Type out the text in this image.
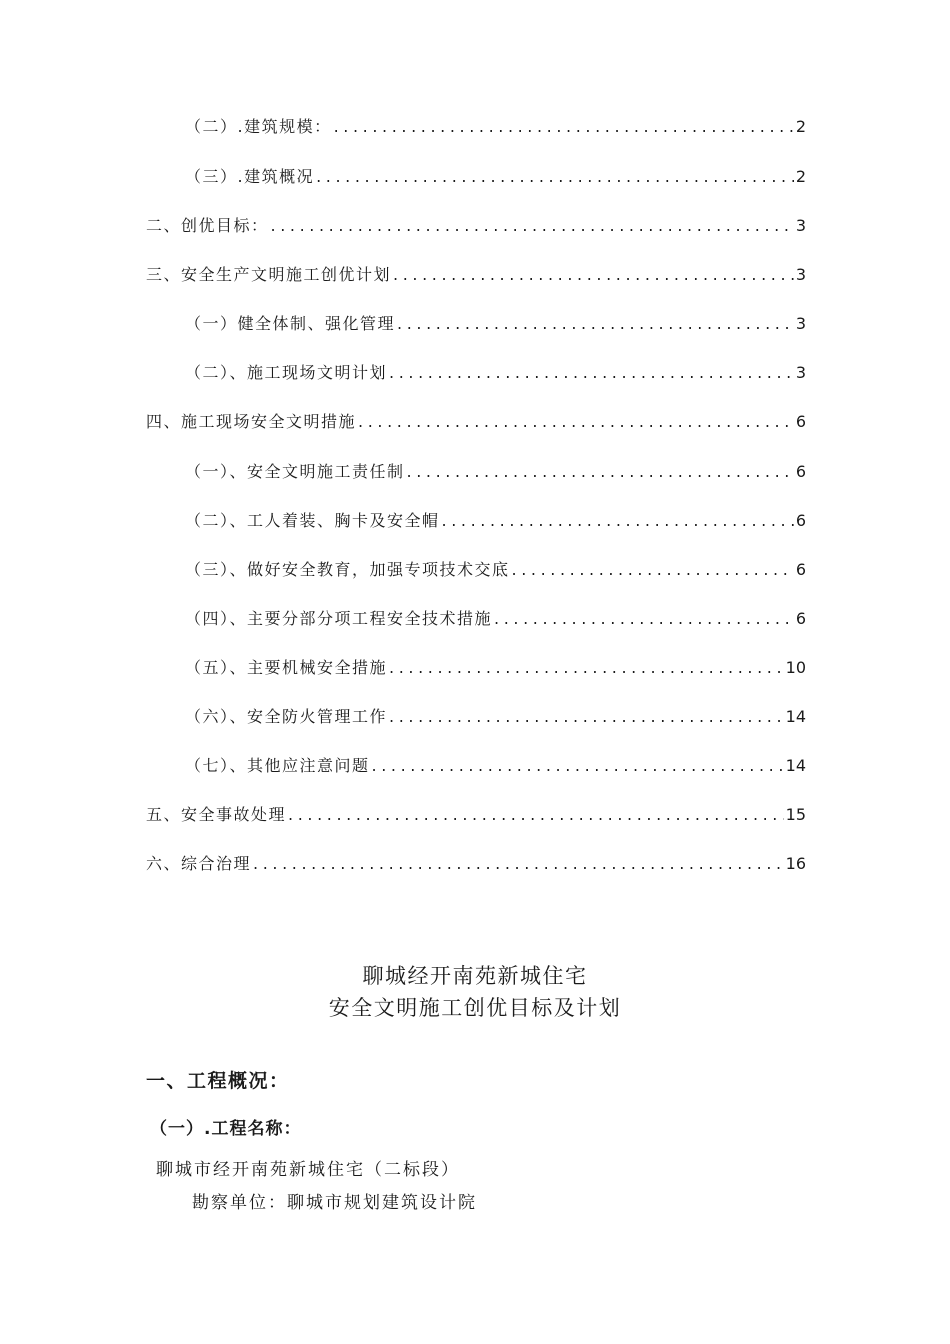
（二）.建筑规模： .....	2
（三）.建筑概况 .....	2
二、创优目标： .....	3
三、安全生产文明施工创优计划 .....	3
（一）健全体制、强化管理 .....	3
（二）、施工现场文明计划 .....	3
四、施工现场安全文明措施 .....	6
（一）、安全文明施工责任制 .....	6
（二）、工人着装、胸卡及安全帽 .....	6
（三）、做好安全教育，加强专项技术交底 .....	6
（四）、主要分部分项工程安全技术措施 .....	6
（五）、主要机械安全措施 .....	10
（六）、安全防火管理工作 .....	14
（七）、其他应注意问题 .....	14
五、安全事故处理 .....	15
六、综合治理 .....	16
聊城经开南苑新城住宅
安全文明施工创优目标及计划
一、工程概况：
（一）.工程名称：
聊城市经开南苑新城住宅（二标段）
勘察单位：聊城市规划建筑设计院
